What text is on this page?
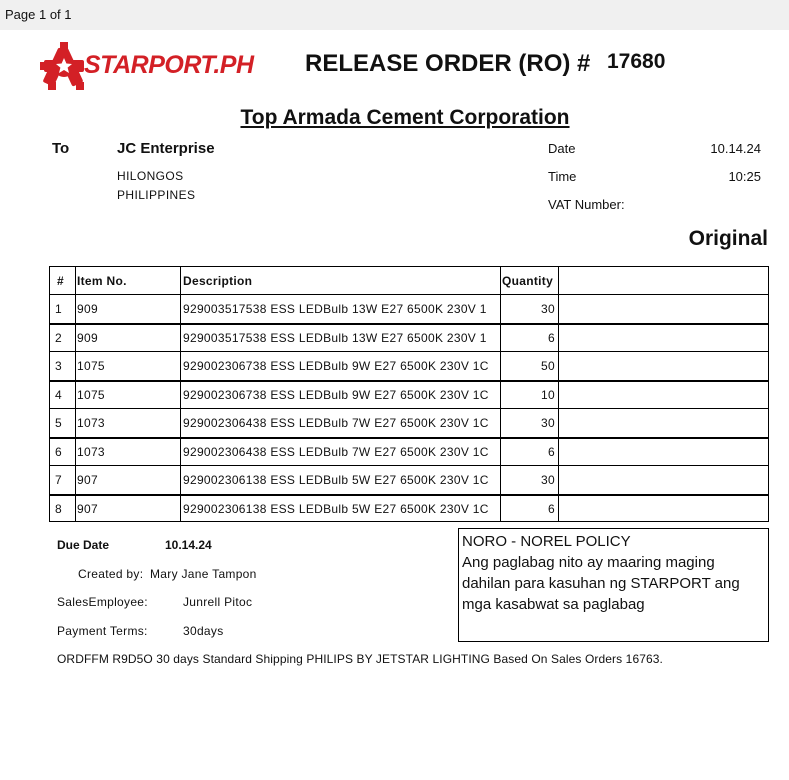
Page 1 of 1
STARPORT.PH RELEASE ORDER (RO) # 17680
Top Armada Cement Corporation
To	JC Enterprise
HILONGOS
PHILIPPINES
Date	10.14.24
Time	10:25
VAT Number:
Original
# Item No.	Description	Quantity
1	909	929003517538 ESS LEDBulb 13W E27 6500K 230V 1	30
2	909	929003517538 ESS LEDBulb 13W E27 6500K 230V 1	6
3	1075	929002306738 ESS LEDBulb 9W E27 6500K 230V 1C	50
4	1075	929002306738 ESS LEDBulb 9W E27 6500K 230V 1C	10
5	1073	929002306438 ESS LEDBulb 7W E27 6500K 230V 1C	30
6	1073	929002306438 ESS LEDBulb 7W E27 6500K 230V 1C	6
7	907	929002306138 ESS LEDBulb 5W E27 6500K 230V 1C	30
8	907	929002306138 ESS LEDBulb 5W E27 6500K 230V 1C	6
Due Date	10.14.24
Created by: Mary Jane Tampon
SalesEmployee:	Junrell Pitoc
Payment Terms:	30days
NORO - NOREL POLICY
Ang paglabag nito ay maaring maging
dahilan para kasuhan ng STARPORT ang
mga kasabwat sa paglabag
ORDFFM R9D5O 30 days Standard Shipping PHILIPS BY JETSTAR LIGHTING Based On Sales Orders 16763.
